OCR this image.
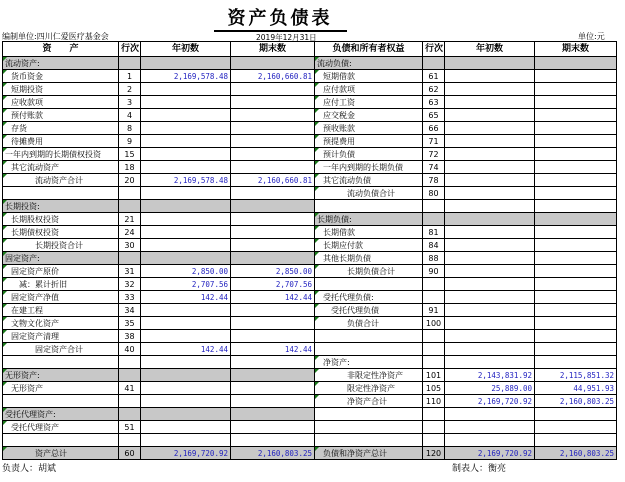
资产负债表
编制单位:四川仁爱医疗基金会	2019年12月31日	单位:元
资　　产	行次	年初数	期末数	负债和所有者权益	行次	年初数	期末数
流动资产:				流动负债:			
货币资金	1	2,169,578.48	2,160,660.81	短期借款	61		
短期投资	2			应付款项	62		
应收款项	3			应付工资	63		
预付账款	4			应交税金	65		
存货	8			预收账款	66		
待摊费用	9			预提费用	71		
一年内到期的长期债权投资	15			预计负债	72		
其它流动资产	18			一年内到期的长期负债	74		
流动资产合计	20	2,169,578.48	2,160,660.81	其它流动负债	78		
				流动负债合计	80		
长期投资:							
长期股权投资	21			长期负债:			
长期债权投资	24			长期借款	81		
长期投资合计	30			长期应付款	84		
固定资产:				其他长期负债	88		
固定资产原价	31	2,850.00	2,850.00	长期负债合计	90		
减：累计折旧	32	2,707.56	2,707.56				
固定资产净值	33	142.44	142.44	受托代理负债:			
在建工程	34			受托代理负债	91		
文物文化资产	35			负债合计	100		
固定资产清理	38						
固定资产合计	40	142.44	142.44				
				净资产:			
无形资产:				非限定性净资产	101	2,143,831.92	2,115,851.32
无形资产	41			限定性净资产	105	25,889.00	44,951.93
				净资产合计	110	2,169,720.92	2,160,803.25
受托代理资产:							
受托代理资产	51						

资产总计	60	2,169,720.92	2,160,803.25	负债和净资产总计	120	2,169,720.92	2,160,803.25
负责人：胡斌	制表人：衡亮
